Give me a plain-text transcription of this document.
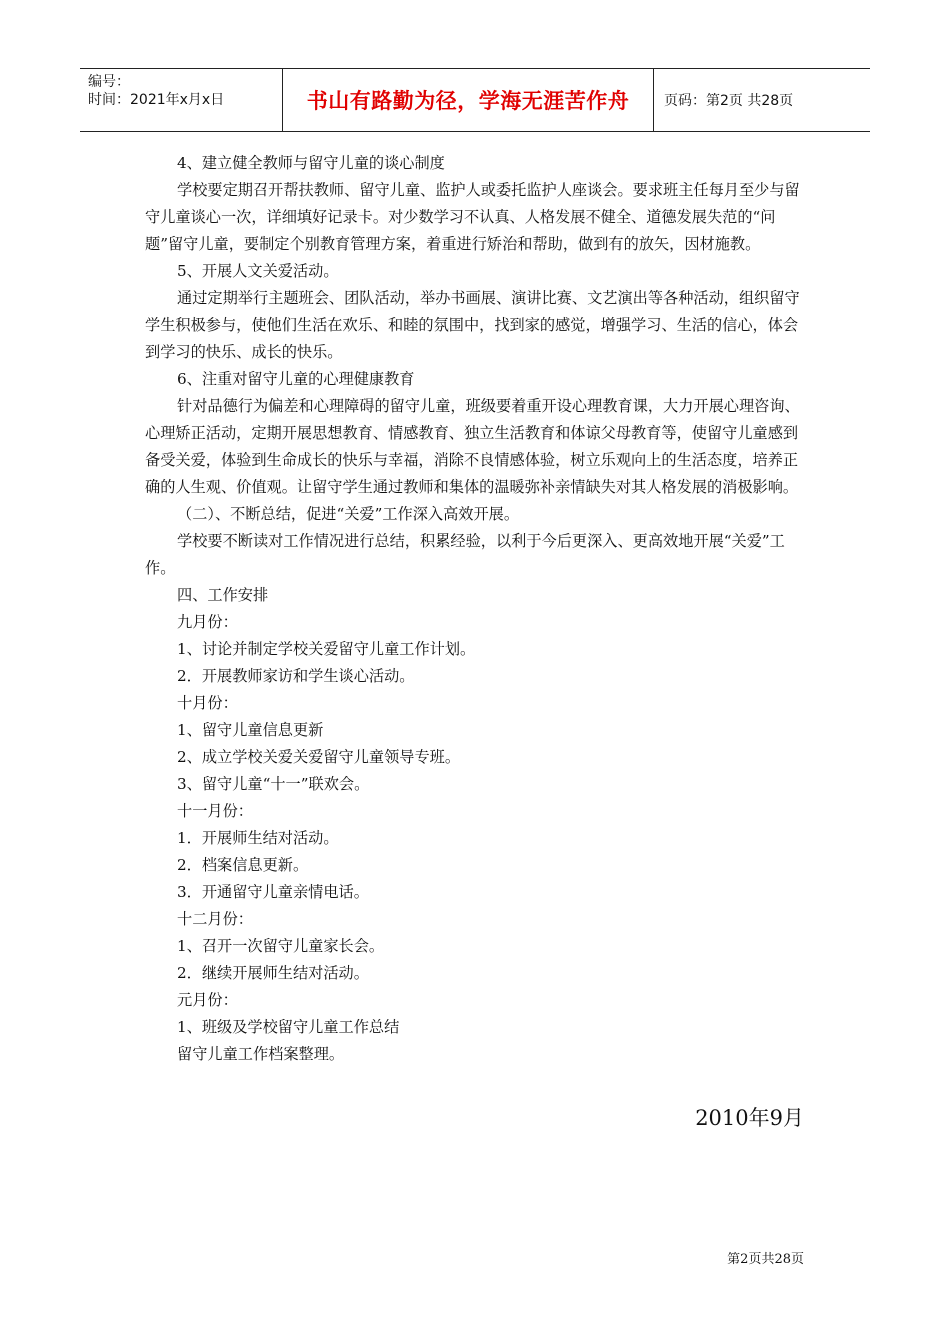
编号：
时间：2021年x月x日	书山有路勤为径，学海无涯苦作舟 页码：第2页 共28页

4、建立健全教师与留守儿童的谈心制度

学校要定期召开帮扶教师、留守儿童、监护人或委托监护人座谈会。要求班主任每月至少与留守儿童谈心一次，详细填好记录卡。对少数学习不认真、人格发展不健全、道德发展失范的“问题”留守儿童，要制定个别教育管理方案，着重进行矫治和帮助，做到有的放矢，因材施教。

5、开展人文关爱活动。

通过定期举行主题班会、团队活动，举办书画展、演讲比赛、文艺演出等各种活动，组织留守学生积极参与，使他们生活在欢乐、和睦的氛围中，找到家的感觉，增强学习、生活的信心，体会到学习的快乐、成长的快乐。

6、注重对留守儿童的心理健康教育

针对品德行为偏差和心理障碍的留守儿童，班级要着重开设心理教育课，大力开展心理咨询、心理矫正活动，定期开展思想教育、情感教育、独立生活教育和体谅父母教育等，使留守儿童感到备受关爱，体验到生命成长的快乐与幸福，消除不良情感体验，树立乐观向上的生活态度，培养正确的人生观、价值观。让留守学生通过教师和集体的温暖弥补亲情缺失对其人格发展的消极影响。

（二）、不断总结，促进“关爱”工作深入高效开展。

学校要不断读对工作情况进行总结，积累经验，以利于今后更深入、更高效地开展“关爱”工作。

四、工作安排

九月份：

1、讨论并制定学校关爱留守儿童工作计划。

2．开展教师家访和学生谈心活动。

十月份：

1、留守儿童信息更新

2、成立学校关爱关爱留守儿童领导专班。

3、留守儿童“十一”联欢会。

十一月份：

1．开展师生结对活动。

2．档案信息更新。

3．开通留守儿童亲情电话。

十二月份：

1、召开一次留守儿童家长会。

2．继续开展师生结对活动。

元月份：

1、班级及学校留守儿童工作总结

留守儿童工作档案整理。

2010年9月
第2页共28页
